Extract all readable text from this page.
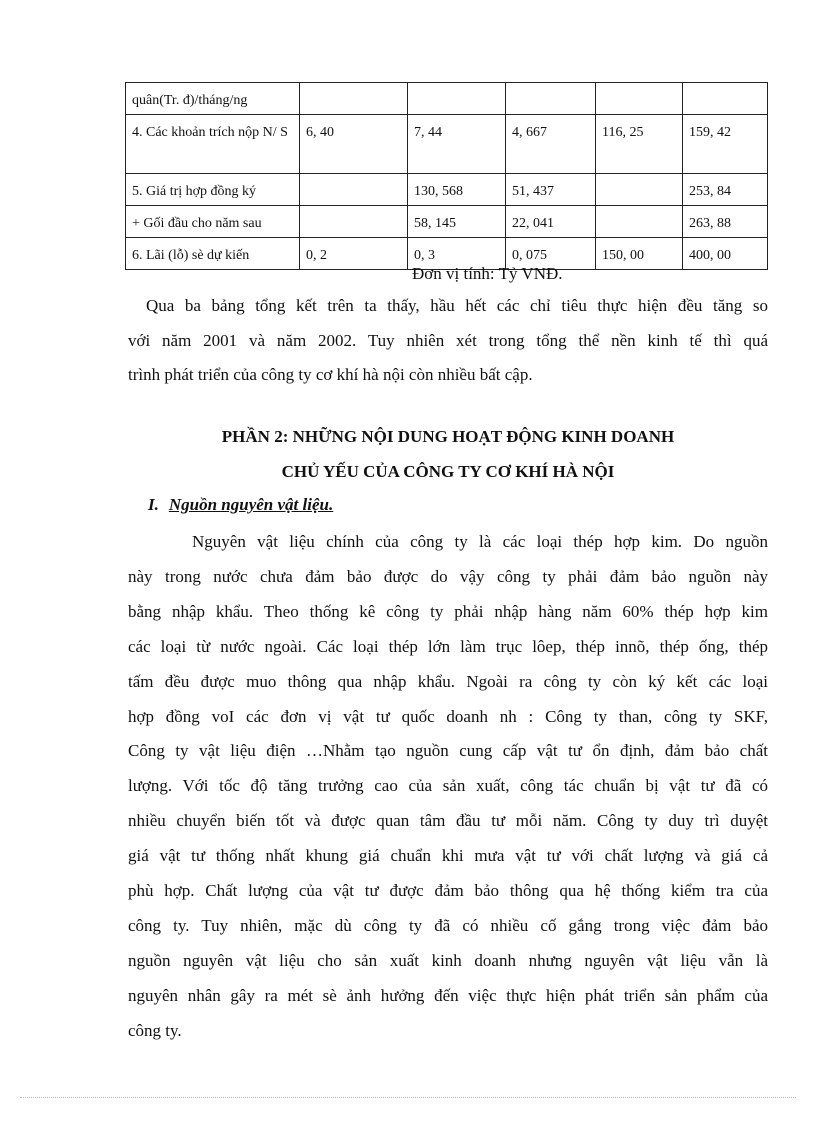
quân(Tr. đ)/tháng/ng					
4. Các khoản trích nộp N/ S	6, 40	7, 44	4, 667	116, 25	159, 42
5. Giá trị hợp đồng ký		130, 568	51, 437		253, 84
+ Gối đầu cho năm sau		58, 145	22, 041		263, 88
6. Lãi (lỗ) sè dự kiến	0, 2	0, 3	0, 075	150, 00	400, 00
Đơn vị tính: Tỷ VNĐ.

Qua ba bảng tổng kết trên ta thấy, hầu hết các chỉ tiêu thực hiện đều tăng so
với năm 2001 và năm 2002. Tuy nhiên xét trong tổng thể nền kinh tế thì quá
trình phát triển của công ty cơ khí hà nội còn nhiều bất cập.

PHẦN 2: NHỮNG NỘI DUNG HOẠT ĐỘNG KINH DOANH

CHỦ YẾU CỦA CÔNG TY CƠ KHÍ HÀ NỘI

I. Nguồn nguyên vật liệu.

Nguyên vật liệu chính của công ty là các loại thép hợp kim. Do nguồn
này trong nước chưa đảm bảo được do vậy công ty phải đảm bảo nguồn này
bằng nhập khẩu. Theo thống kê công ty phải nhập hàng năm 60% thép hợp kim
các loại từ nước ngoài. Các loại thép lớn làm trục lôep, thép innõ, thép ống, thép
tấm đều được muo thông qua nhập khẩu. Ngoài ra công ty còn ký kết các loại
hợp đồng voI các đơn vị vật tư quốc doanh nh : Công ty than, công ty SKF,
Công ty vật liệu điện …Nhằm tạo nguồn cung cấp vật tư ổn định, đảm bảo chất
lượng. Với tốc độ tăng trưởng cao của sản xuất, công tác chuẩn bị vật tư đã có
nhiều chuyển biến tốt và được quan tâm đầu tư mỗi năm. Công ty duy trì duyệt
giá vật tư thống nhất khung giá chuẩn khi mưa vật tư với chất lượng và giá cả
phù hợp. Chất lượng của vật tư được đảm bảo thông qua hệ thống kiểm tra của
công ty. Tuy nhiên, mặc dù công ty đã có nhiều cố gắng trong việc đảm bảo
nguồn nguyên vật liệu cho sản xuất kinh doanh nhưng nguyên vật liệu vẫn là
nguyên nhân gây ra mét sè ảnh hưởng đến việc thực hiện phát triển sản phẩm của
công ty.
